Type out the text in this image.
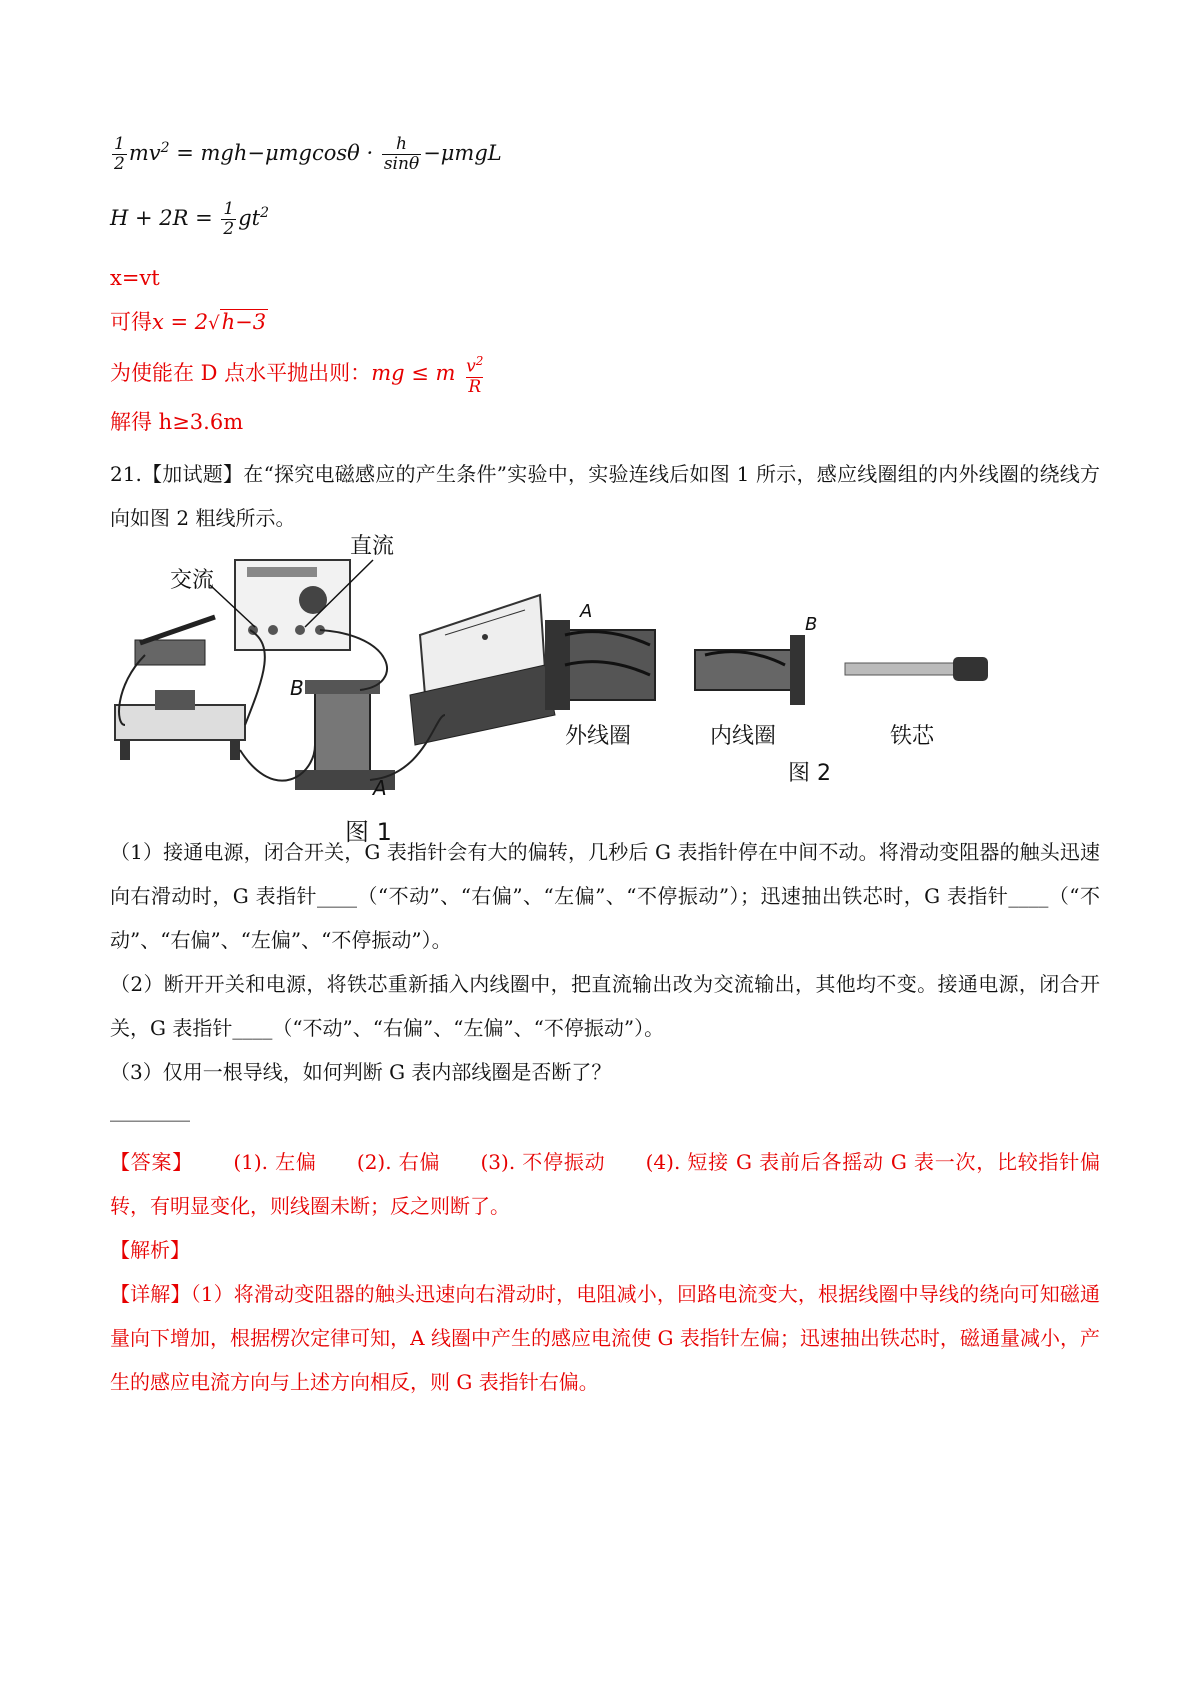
$\frac{1}{2} mv^2 = mgh-\mu mgcos\theta \cdot \frac{h}{\sin\theta} -\mu mgL$
$H + 2R = \frac{1}{2} gt^2$
x=vt
可得x = 2√h−3
为使能在 D 点水平抛出则：mg ≤ m $\frac{v^2}{R}$
解得 h≥3.6m
21.【加试题】在“探究电磁感应的产生条件”实验中，实验连线后如图 1 所示，感应线圈组的内外线圈的绕线方向如图 2 粗线所示。
直流
交流
B
A
图 1
A
外线圈
B
内线圈	铁芯
图 2
（1）接通电源，闭合开关，G 表指针会有大的偏转，几秒后 G 表指针停在中间不动。将滑动变阻器的触头迅速向右滑动时，G 表指针____（“不动”、“右偏”、“左偏”、“不停振动”）；迅速抽出铁芯时，G 表指针____（“不动”、“右偏”、“左偏”、“不停振动”）。
（2）断开开关和电源，将铁芯重新插入内线圈中，把直流输出改为交流输出，其他均不变。接通电源，闭合开关，G 表指针____（“不动”、“右偏”、“左偏”、“不停振动”）。
（3）仅用一根导线，如何判断 G 表内部线圈是否断了？
________
【答案】 (1). 左偏 (2). 右偏 (3). 不停振动 (4). 短接 G 表前后各摇动 G 表一次，比较指针偏转，有明显变化，则线圈未断；反之则断了。
【解析】
【详解】（1）将滑动变阻器的触头迅速向右滑动时，电阻减小，回路电流变大，根据线圈中导线的绕向可知磁通量向下增加，根据楞次定律可知，A 线圈中产生的感应电流使 G 表指针左偏；迅速抽出铁芯时，磁通量减小，产生的感应电流方向与上述方向相反，则 G 表指针右偏。
